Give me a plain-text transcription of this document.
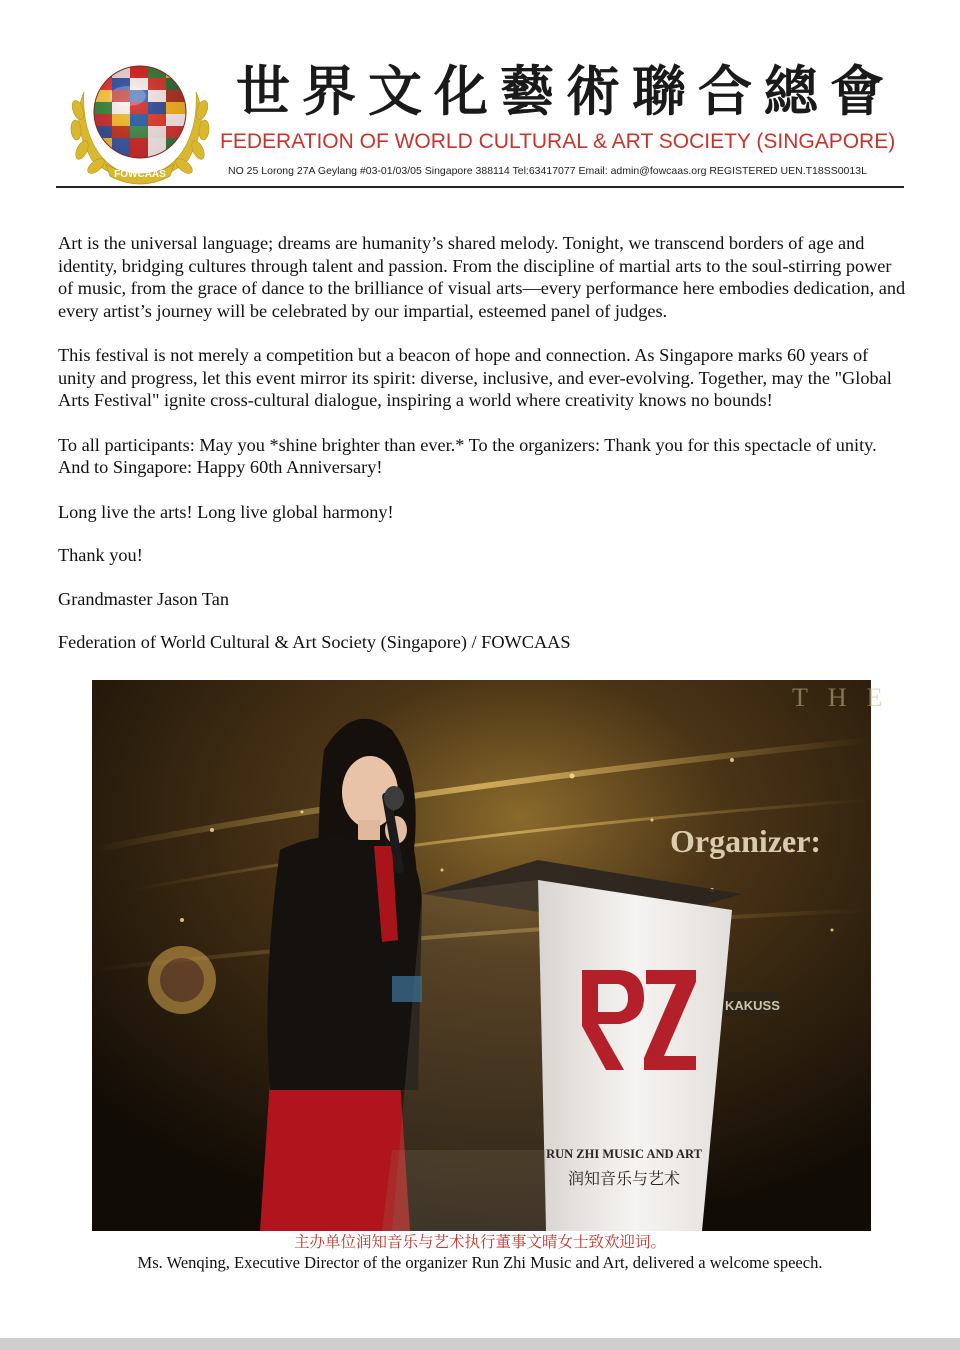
FOWCAAS
世界文化藝術聯合總會
FEDERATION OF WORLD CULTURAL & ART SOCIETY (SINGAPORE)
NO 25 Lorong 27A Geylang #03-01/03/05 Singapore 388114 Tel:63417077 Email: admin@fowcaas.org REGISTERED UEN.T18SS0013L

Art is the universal language; dreams are humanity’s shared melody. Tonight, we transcend borders of age and identity, bridging cultures through talent and passion. From the discipline of martial arts to the soul-stirring power of music, from the grace of dance to the brilliance of visual arts—every performance here embodies dedication, and every artist’s journey will be celebrated by our impartial, esteemed panel of judges.

This festival is not merely a competition but a beacon of hope and connection. As Singapore marks 60 years of unity and progress, let this event mirror its spirit: diverse, inclusive, and ever-evolving. Together, may the "Global Arts Festival" ignite cross-cultural dialogue, inspiring a world where creativity knows no bounds!

To all participants: May you *shine brighter than ever.* To the organizers: Thank you for this spectacle of unity. And to Singapore: Happy 60th Anniversary!

Long live the arts! Long live global harmony!

Thank you!

Grandmaster Jason Tan

Federation of World Cultural & Art Society (Singapore) / FOWCAAS

THE
Organizer:
KAKUSS
RUN ZHI MUSIC AND ART
润知音乐与艺术
主办单位润知音乐与艺术执行董事文晴女士致欢迎词。
Ms. Wenqing, Executive Director of the organizer Run Zhi Music and Art, delivered a welcome speech.
